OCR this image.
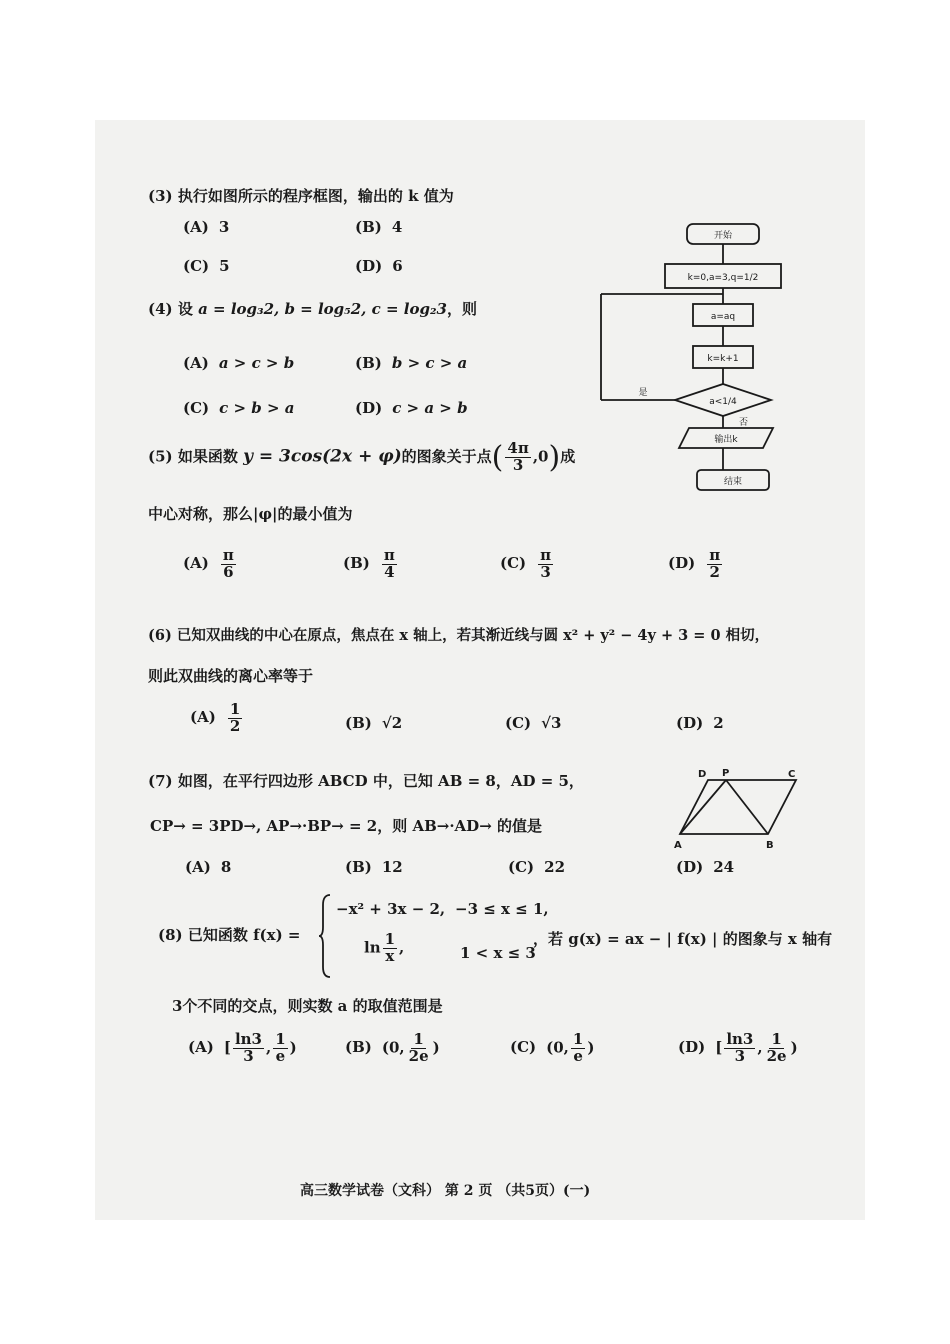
(3) 执行如图所示的程序框图，输出的 k 值为
(A) 3	(B) 4
(C) 5	(D) 6
开始
k=0,a=3,q=1/2
a=aq
k=k+1
a<1/4
是
否
输出k
结束
(4) 设 a = log₃2, b = log₅2, c = log₂3，则
(A) a > c > b	(B) b > c > a
(C) c > b > a	(D) c > a > b
(5) 如果函数 y = 3cos(2x + φ)的图象关于点( $\frac{4\pi}{3} ,0$)成
中心对称，那么|φ|的最小值为
$(A) \frac{\pi}{6}$	$(B) \frac{\pi}{4}$	$(C) \frac{\pi}{3}$	$(D) \frac{\pi}{2}$
(6) 已知双曲线的中心在原点，焦点在 x 轴上，若其渐近线与圆 x² + y² − 4y + 3 = 0 相切，
则此双曲线的离心率等于
$(A) \frac{1}{2}$	(B) √2	(C) √3	(D) 2
(7) 如图，在平行四边形 ABCD 中，已知 AB = 8，AD = 5，
CP→ = 3PD→, AP→·BP→ = 2，则 AB→·AD→ 的值是
(A) 8	(B) 12	(C) 22	(D) 24
D P	C
A	B
(8) 已知函数 f(x) =
−x² + 3x − 2, −3 ≤ x ≤ 1,
$\ln \frac{1}{x}$ ,	1 < x ≤ 3
，若 g(x) = ax − | f(x) | 的图象与 x 轴有
3个不同的交点，则实数 a 的取值范围是
(A) [ $\frac{\ln 3}{3}$ , $\frac{1}{e}$ )	(B) (0, $\frac{1}{2e}$ )	(C) (0, $\frac{1}{e}$ )	(D) [ $\frac{\ln 3}{3}$ , $\frac{1}{2e}$ )
高三数学试卷（文科） 第 2 页 （共5页）(一)
